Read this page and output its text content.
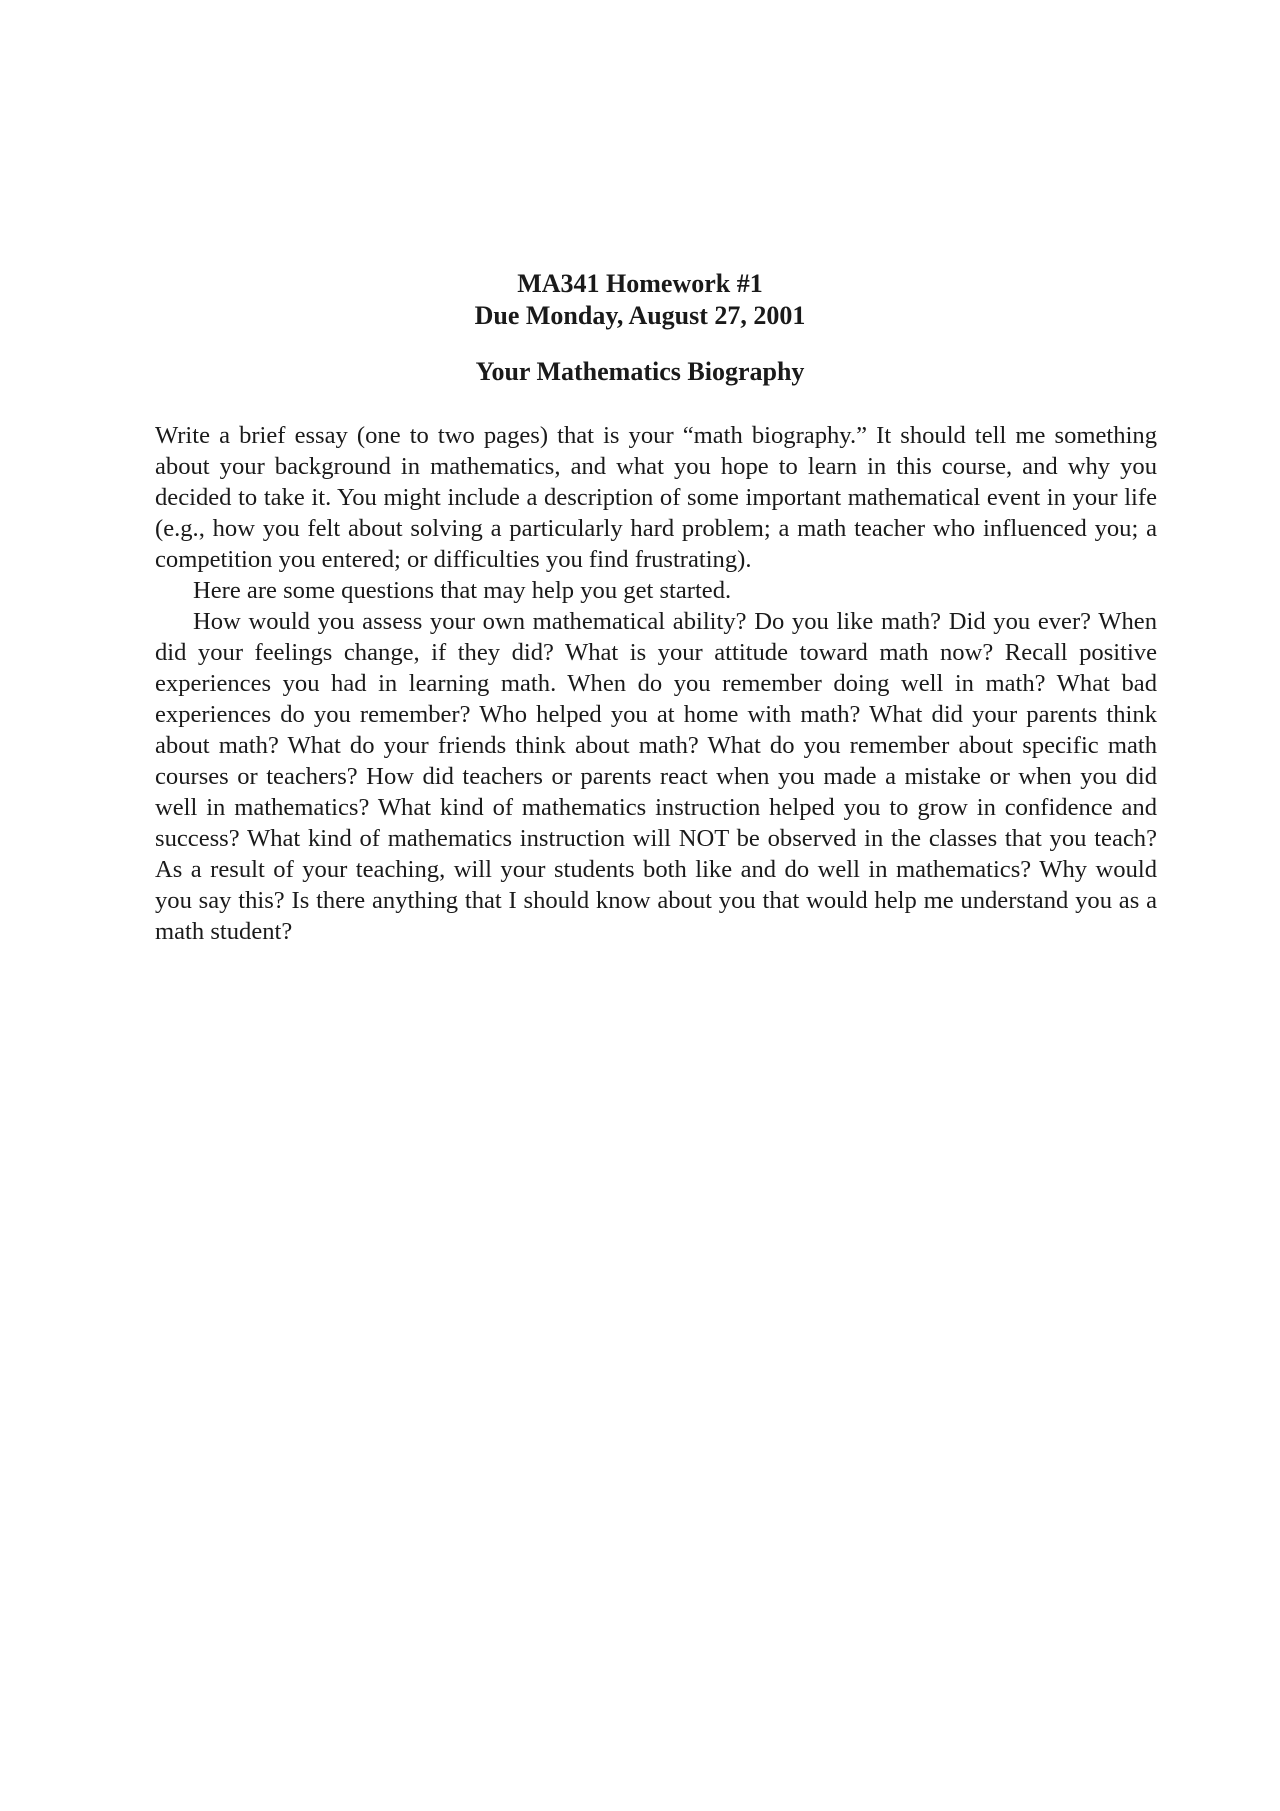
MA341 Homework #1

Due Monday, August 27, 2001

Your Mathematics Biography

Write a brief essay (one to two pages) that is your “math biography.” It should tell me something about your background in mathematics, and what you hope to learn in this course, and why you decided to take it. You might include a description of some important mathematical event in your life (e.g., how you felt about solving a particularly hard problem; a math teacher who influenced you; a competition you entered; or difficulties you find frustrating).

Here are some questions that may help you get started.

How would you assess your own mathematical ability? Do you like math? Did you ever? When did your feelings change, if they did? What is your attitude toward math now? Recall positive experiences you had in learning math. When do you remember doing well in math? What bad experiences do you remember? Who helped you at home with math? What did your parents think about math? What do your friends think about math? What do you remember about specific math courses or teachers? How did teachers or parents react when you made a mistake or when you did well in mathematics? What kind of mathematics instruction helped you to grow in confidence and success? What kind of mathematics instruction will NOT be observed in the classes that you teach? As a result of your teaching, will your students both like and do well in mathematics? Why would you say this? Is there anything that I should know about you that would help me understand you as a math student?
